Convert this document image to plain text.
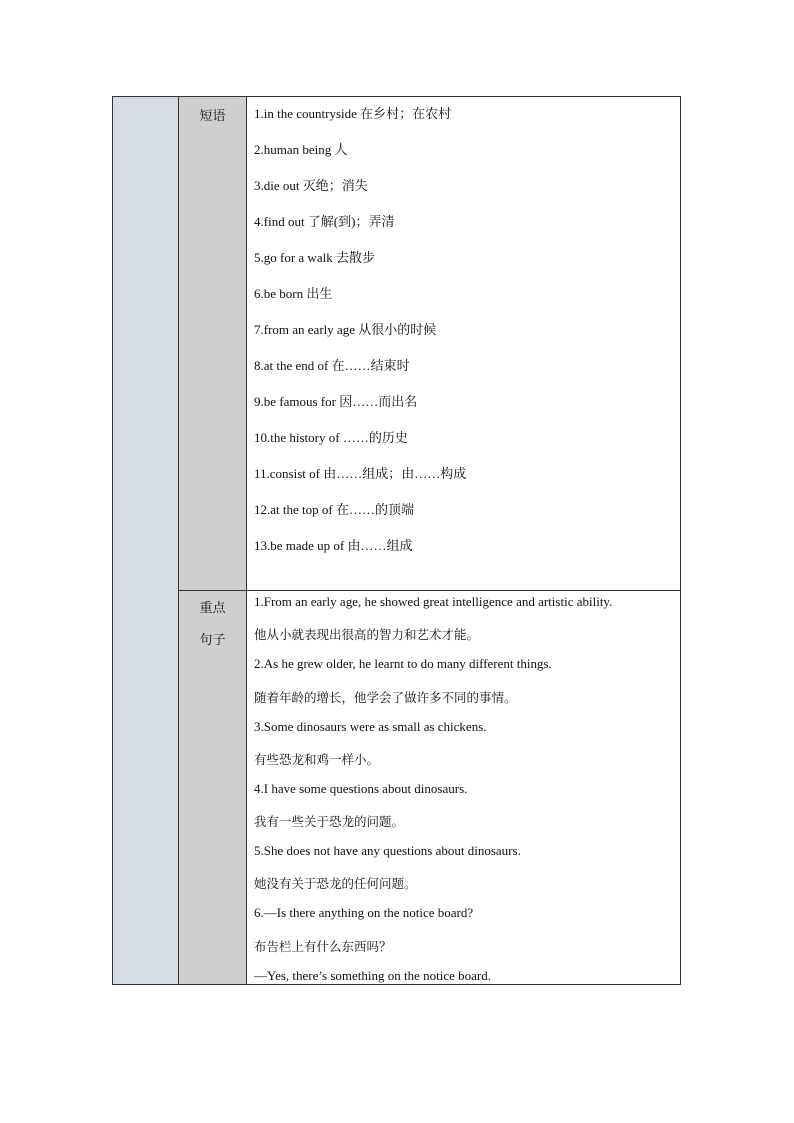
短语
重点
句子
1.in the countryside 在乡村；在农村
2.human being 人
3.die out 灭绝；消失
4.find out 了解(到)；弄清
5.go for a walk 去散步
6.be born 出生
7.from an early age 从很小的时候
8.at the end of 在……结束时
9.be famous for 因……而出名
10.the history of ……的历史
11.consist of 由……组成；由……构成
12.at the top of 在……的顶端
13.be made up of 由……组成
1.From an early age, he showed great intelligence and artistic ability.
他从小就表现出很高的智力和艺术才能。
2.As he grew older, he learnt to do many different things.
随着年龄的增长，他学会了做许多不同的事情。
3.Some dinosaurs were as small as chickens.
有些恐龙和鸡一样小。
4.I have some questions about dinosaurs.
我有一些关于恐龙的问题。
5.She does not have any questions about dinosaurs.
她没有关于恐龙的任何问题。
6.—Is there anything on the notice board?
布告栏上有什么东西吗？
—Yes, there’s something on the notice board.
